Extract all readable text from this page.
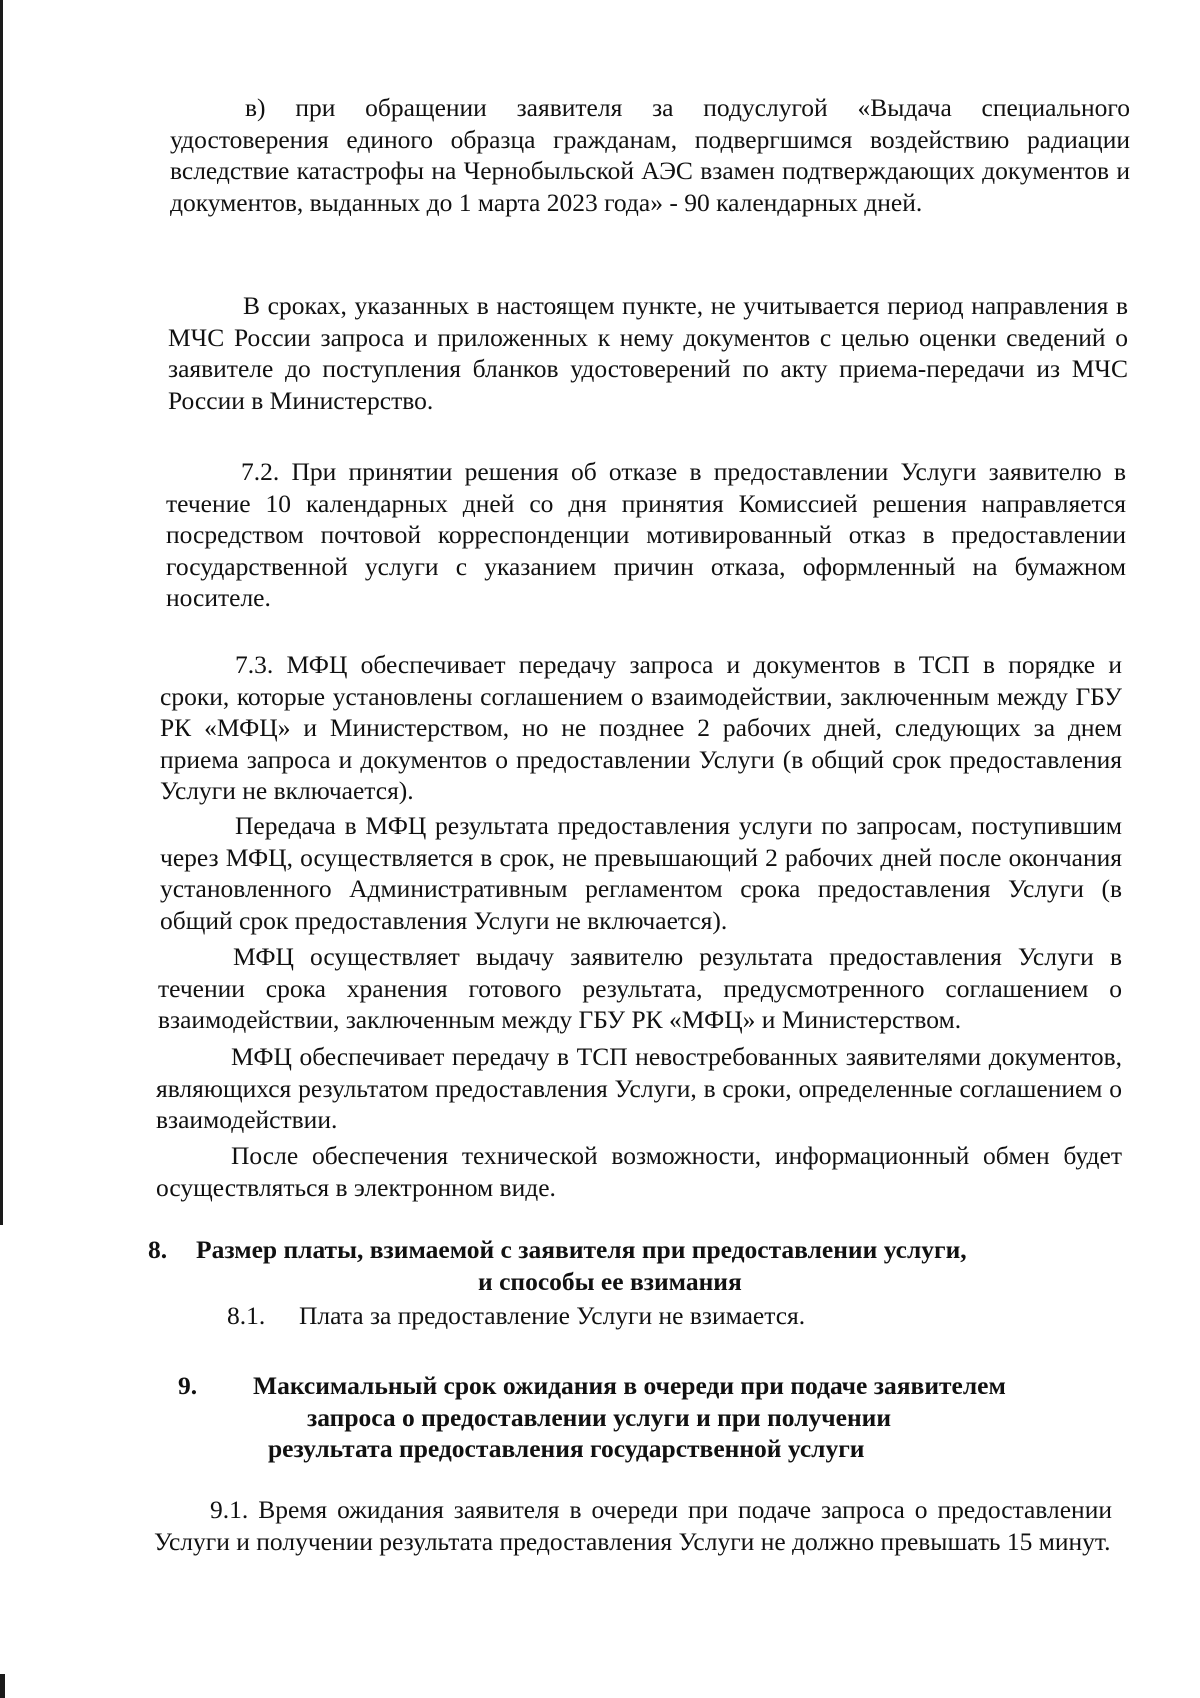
в) при обращении заявителя за подуслугой «Выдача специального удостоверения единого образца гражданам, подвергшимся воздействию радиации вследствие катастрофы на Чернобыльской АЭС взамен подтверждающих документов и документов, выданных до 1 марта 2023 года» - 90 календарных дней.

В сроках, указанных в настоящем пункте, не учитывается период направления в МЧС России запроса и приложенных к нему документов с целью оценки сведений о заявителе до поступления бланков удостоверений по акту приема-передачи из МЧС России в Министерство.

7.2. При принятии решения об отказе в предоставлении Услуги заявителю в течение 10 календарных дней со дня принятия Комиссией решения направляется посредством почтовой корреспонденции мотивированный отказ в предоставлении государственной услуги с указанием причин отказа, оформленный на бумажном носителе.

7.3. МФЦ обеспечивает передачу запроса и документов в ТСП в порядке и сроки, которые установлены соглашением о взаимодействии, заключенным между ГБУ РК «МФЦ» и Министерством, но не позднее 2 рабочих дней, следующих за днем приема запроса и документов о предоставлении Услуги (в общий срок предоставления Услуги не включается).

Передача в МФЦ результата предоставления услуги по запросам, поступившим через МФЦ, осуществляется в срок, не превышающий 2 рабочих дней после окончания установленного Административным регламентом срока предоставления Услуги (в общий срок предоставления Услуги не включается).

МФЦ осуществляет выдачу заявителю результата предоставления Услуги в течении срока хранения готового результата, предусмотренного соглашением о взаимодействии, заключенным между ГБУ РК «МФЦ» и Министерством.

МФЦ обеспечивает передачу в ТСП невостребованных заявителями документов, являющихся результатом предоставления Услуги, в сроки, определенные соглашением о взаимодействии.

После обеспечения технической возможности, информационный обмен будет осуществляться в электронном виде.

8. Размер платы, взимаемой с заявителя при предоставлении услуги,
и способы ее взимания
8.1. Плата за предоставление Услуги не взимается.
9. Максимальный срок ожидания в очереди при подаче заявителем
запроса о предоставлении услуги и при получении
результата предоставления государственной услуги

9.1. Время ожидания заявителя в очереди при подаче запроса о предоставлении Услуги и получении результата предоставления Услуги не должно превышать 15 минут.
